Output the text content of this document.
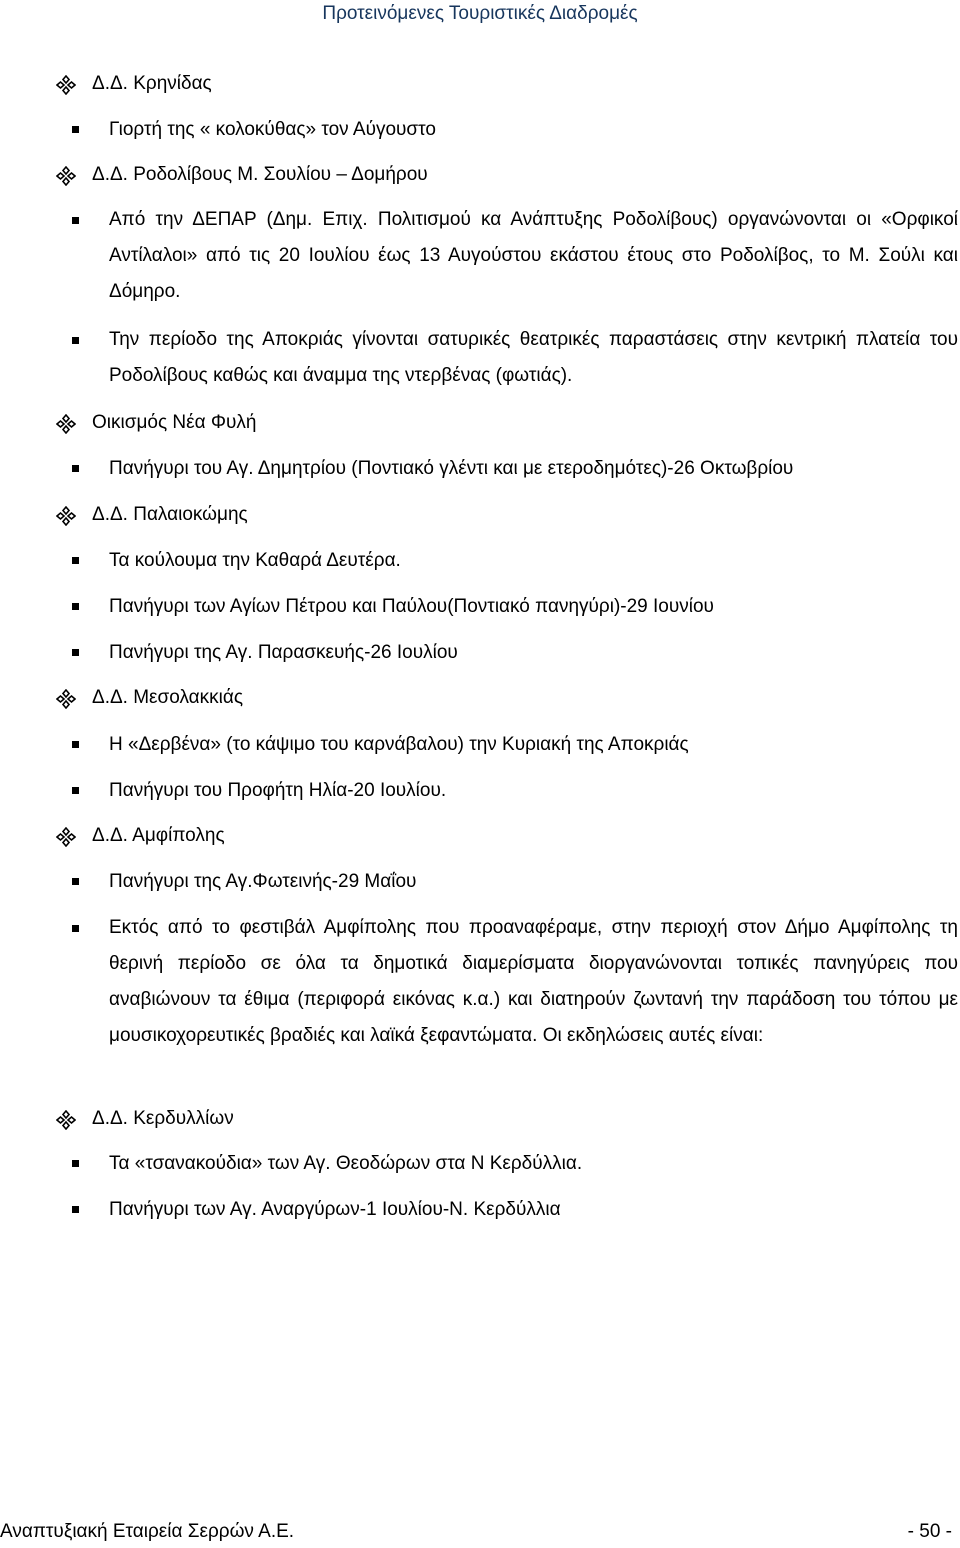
Προτεινόμενες Τουριστικές Διαδρομές
Δ.Δ. Κρηνίδας
Γιορτή της « κολοκύθας» τον Αύγουστο
Δ.Δ. Ροδολίβους Μ. Σουλίου – Δομήρου
Από την ΔΕΠΑΡ (Δημ. Επιχ. Πολιτισμού κα Ανάπτυξης Ροδολίβους) οργανώνονται οι «Ορφικοί Αντίλαλοι» από τις 20 Ιουλίου έως 13 Αυγούστου εκάστου έτους στο Ροδολίβος, το Μ. Σούλι και Δόμηρο.
Την περίοδο της Αποκριάς γίνονται σατυρικές θεατρικές παραστάσεις στην κεντρική πλατεία του Ροδολίβους καθώς και άναμμα της ντερβένας (φωτιάς).
Οικισμός Νέα Φυλή
Πανήγυρι του Αγ. Δημητρίου (Ποντιακό γλέντι και με ετεροδημότες)-26 Οκτωβρίου
Δ.Δ. Παλαιοκώμης
Τα κούλουμα την Καθαρά Δευτέρα.
Πανήγυρι των Αγίων Πέτρου και Παύλου(Ποντιακό πανηγύρι)-29 Ιουνίου
Πανήγυρι της Αγ. Παρασκευής-26 Ιουλίου
Δ.Δ. Μεσολακκιάς
Η «Δερβένα» (το κάψιμο του καρνάβαλου) την Κυριακή της Αποκριάς
Πανήγυρι του Προφήτη Ηλία-20 Ιουλίου.
Δ.Δ. Αμφίπολης
Πανήγυρι της Αγ.Φωτεινής-29 Μαΐου
Εκτός από το φεστιβάλ Αμφίπολης που προαναφέραμε, στην περιοχή στον Δήμο Αμφίπολης τη θερινή περίοδο σε όλα τα δημοτικά διαμερίσματα διοργανώνονται τοπικές πανηγύρεις που αναβιώνουν τα έθιμα (περιφορά εικόνας κ.α.) και διατηρούν ζωντανή την παράδοση του τόπου με μουσικοχορευτικές βραδιές και λαϊκά ξεφαντώματα. Οι εκδηλώσεις αυτές είναι:
Δ.Δ. Κερδυλλίων
Τα «τσανακούδια» των Αγ. Θεοδώρων στα Ν Κερδύλλια.
Πανήγυρι των Αγ. Αναργύρων-1 Ιουλίου-Ν. Κερδύλλια
Αναπτυξιακή Εταιρεία Σερρών Α.Ε.	- 50 -
